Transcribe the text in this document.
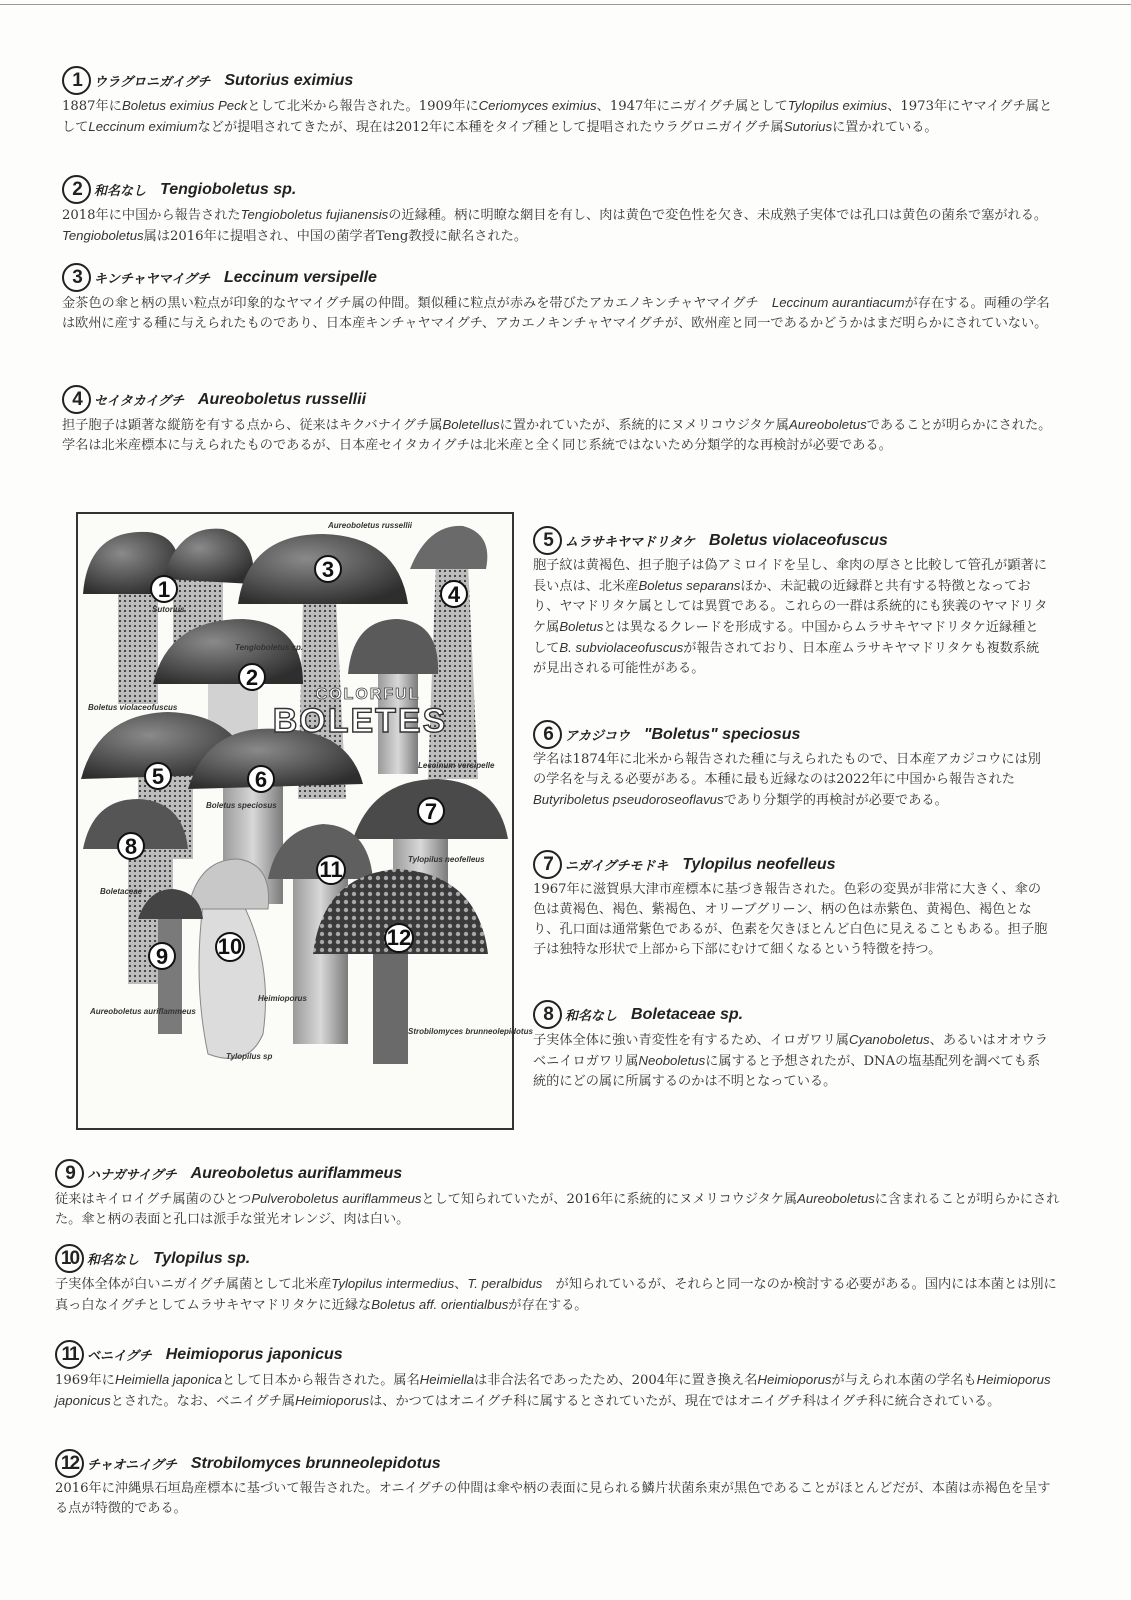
1	ウラグロニガイグチ Sutorius eximius
1887年にBoletus eximius Peckとして北米から報告された。1909年にCeriomyces eximius、1947年にニガイグチ属としてTylopilus eximius、1973年にヤマイグチ属としてLeccinum eximiumなどが提唱されてきたが、現在は2012年に本種をタイプ種として提唱されたウラグロニガイグチ属Sutoriusに置かれている。
2	和名なし Tengioboletus sp.
2018年に中国から報告されたTengioboletus fujianensisの近縁種。柄に明瞭な網目を有し、肉は黄色で変色性を欠き、未成熟子実体では孔口は黄色の菌糸で塞がれる。Tengioboletus属は2016年に提唱され、中国の菌学者Teng教授に献名された。
3	キンチャヤマイグチ Leccinum versipelle
金茶色の傘と柄の黒い粒点が印象的なヤマイグチ属の仲間。類似種に粒点が赤みを帯びたアカエノキンチャヤマイグチ　Leccinum aurantiacumが存在する。両種の学名は欧州に産する種に与えられたものであり、日本産キンチャヤマイグチ、アカエノキンチャヤマイグチが、欧州産と同一であるかどうかはまだ明らかにされていない。
4	セイタカイグチ Aureoboletus russellii
担子胞子は顕著な縦筋を有する点から、従来はキクバナイグチ属Boletellusに置かれていたが、系統的にヌメリコウジタケ属Aureoboletusであることが明らかにされた。学名は北米産標本に与えられたものであるが、日本産セイタカイグチは北米産と全く同じ系統ではないため分類学的な再検討が必要である。
5	ムラサキヤマドリタケ Boletus violaceofuscus
胞子紋は黄褐色、担子胞子は偽アミロイドを呈し、傘肉の厚さと比較して管孔が顕著に長い点は、北米産Boletus separansほか、未記載の近縁群と共有する特徴となっており、ヤマドリタケ属としては異質である。これらの一群は系統的にも狭義のヤマドリタケ属Boletusとは異なるクレードを形成する。中国からムラサキヤマドリタケ近縁種としてB. subviolaceofuscusが報告されており、日本産ムラサキヤマドリタケも複数系統が見出される可能性がある。
6	アカジコウ "Boletus" speciosus
学名は1874年に北米から報告された種に与えられたもので、日本産アカジコウには別の学名を与える必要がある。本種に最も近縁なのは2022年に中国から報告されたButyriboletus pseudoroseoflavusであり分類学的再検討が必要である。
7	ニガイグチモドキ Tylopilus neofelleus
1967年に滋賀県大津市産標本に基づき報告された。色彩の変異が非常に大きく、傘の色は黄褐色、褐色、紫褐色、オリーブグリーン、柄の色は赤紫色、黄褐色、褐色となり、孔口面は通常紫色であるが、色素を欠きほとんど白色に見えることもある。担子胞子は独特な形状で上部から下部にむけて細くなるという特徴を持つ。
8	和名なし Boletaceae sp.
子実体全体に強い青変性を有するため、イロガワリ属Cyanoboletus、あるいはオオウラベニイロガワリ属Neoboletusに属すると予想されたが、DNAの塩基配列を調べても系統的にどの属に所属するのかは不明となっている。
9	ハナガサイグチ Aureoboletus auriflammeus
従来はキイロイグチ属菌のひとつPulveroboletus auriflammeusとして知られていたが、2016年に系統的にヌメリコウジタケ属Aureoboletusに含まれることが明らかにされた。傘と柄の表面と孔口は派手な蛍光オレンジ、肉は白い。
10 和名なし Tylopilus sp.
子実体全体が白いニガイグチ属菌として北米産Tylopilus intermedius、T. peralbidus　が知られているが、それらと同一なのか検討する必要がある。国内には本菌とは別に真っ白なイグチとしてムラサキヤマドリタケに近縁なBoletus aff. orientialbusが存在する。
11 ベニイグチ Heimioporus japonicus
1969年にHeimiella japonicaとして日本から報告された。属名Heimiellaは非合法名であったため、2004年に置き換え名Heimioporusが与えられ本菌の学名もHeimioporus japonicusとされた。なお、ベニイグチ属Heimioporusは、かつてはオニイグチ科に属するとされていたが、現在ではオニイグチ科はイグチ科に統合されている。
12 チャオニイグチ Strobilomyces brunneolepidotus
2016年に沖縄県石垣島産標本に基づいて報告された。オニイグチの仲間は傘や柄の表面に見られる鱗片状菌糸束が黒色であることがほとんどだが、本菌は赤褐色を呈する点が特徴的である。
COLORFUL
BOLETES
Aureoboletus russellii
Sutorius
Tengioboletus sp.
Boletus violaceofuscus
Boletus speciosus
Leccinum versipelle
Tylopilus neofelleus
Boletaceae
Aureoboletus auriflammeus
Heimioporus
Tylopilus sp
Strobilomyces brunneolepidotus
1
3
4
2
5	6
7
8
11
12
10
9
